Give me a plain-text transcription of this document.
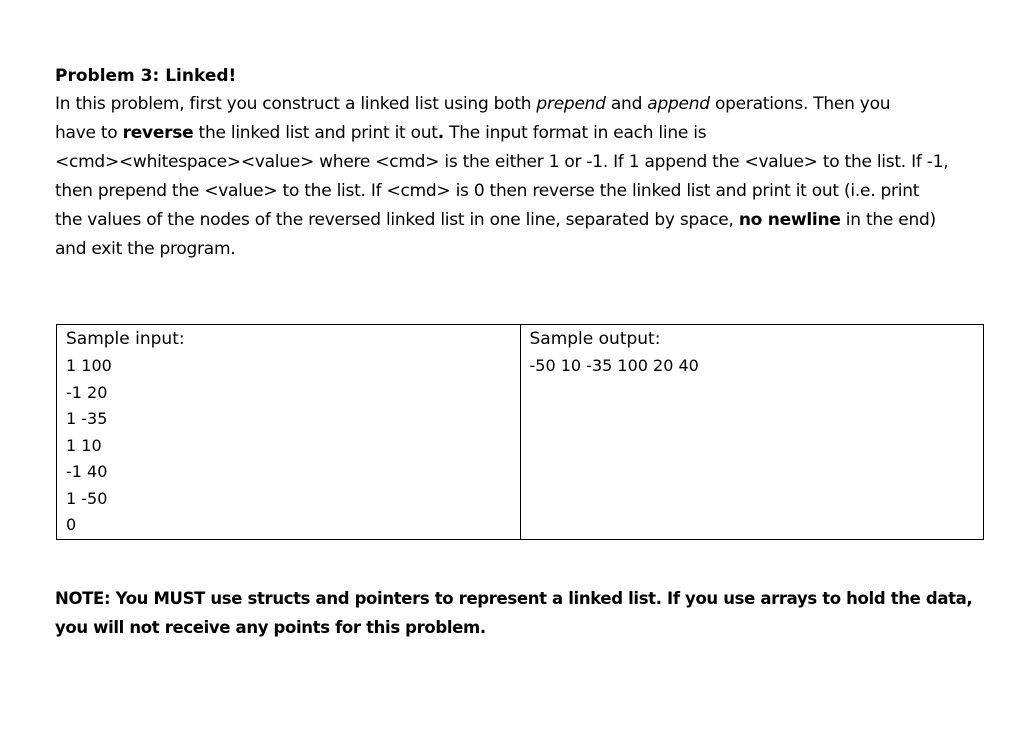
Problem 3: Linked!
In this problem, first you construct a linked list using both prepend and append operations. Then you
have to reverse the linked list and print it out. The input format in each line is
<cmd><whitespace><value> where <cmd> is the either 1 or -1. If 1 append the <value> to the list. If -1,
then prepend the <value> to the list. If <cmd> is 0 then reverse the linked list and print it out (i.e. print
the values of the nodes of the reversed linked list in one line, separated by space, no newline in the end)
and exit the program.
Sample input:
1 100
-1 20
1 -35
1 10
-1 40
1 -50
0

Sample output:
-50 10 -35 100 20 40
NOTE: You MUST use structs and pointers to represent a linked list. If you use arrays to hold the data,
you will not receive any points for this problem.
